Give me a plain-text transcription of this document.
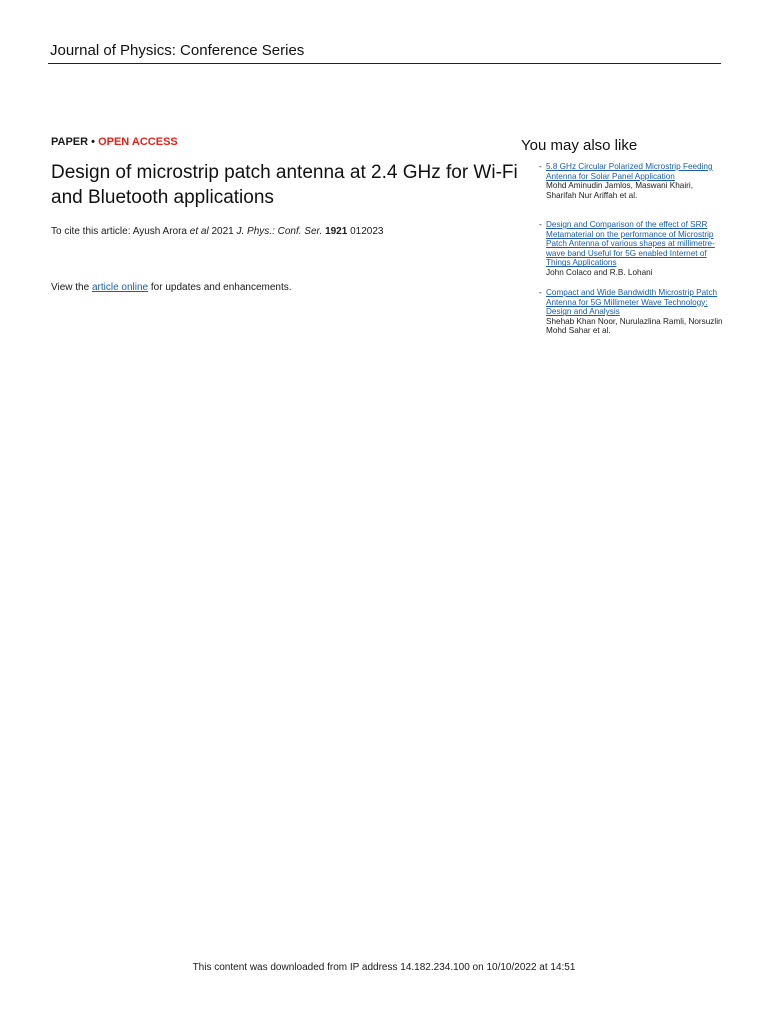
Journal of Physics: Conference Series
PAPER • OPEN ACCESS
Design of microstrip patch antenna at 2.4 GHz for Wi-Fi and Bluetooth applications
To cite this article: Ayush Arora et al 2021 J. Phys.: Conf. Ser. 1921 012023
View the article online for updates and enhancements.
You may also like
- 5.8 GHz Circular Polarized Microstrip Feeding Antenna for Solar Panel Application
Mohd Aminudin Jamlos, Maswani Khairi, Sharifah Nur Ariffah et al.
- Design and Comparison of the effect of SRR Metamaterial on the performance of Microstrip Patch Antenna of various shapes at millimetre-wave band Useful for 5G enabled Internet of Things Applications
John Colaco and R.B. Lohani
- Compact and Wide Bandwidth Microstrip Patch Antenna for 5G Millimeter Wave Technology: Design and Analysis
Shehab Khan Noor, Nurulazlina Ramli, Norsuzlin Mohd Sahar et al.
This content was downloaded from IP address 14.182.234.100 on 10/10/2022 at 14:51
